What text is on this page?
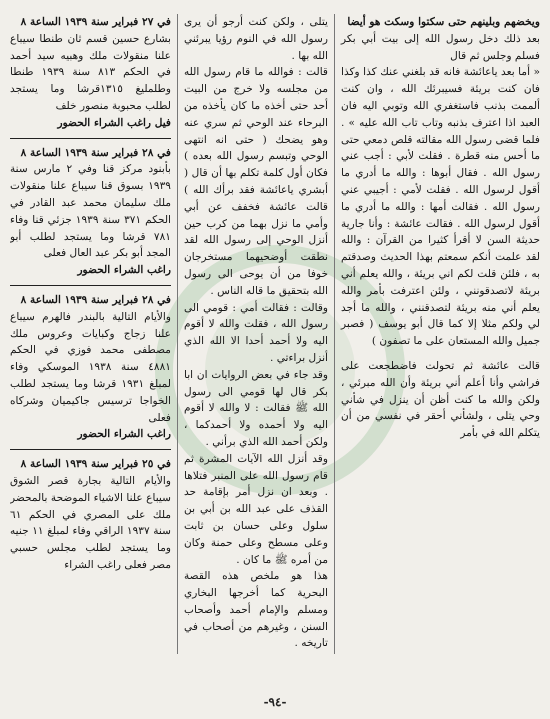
ويخضهم وبلينهم حتى سكتوا وسكت هو أيضا

بعد ذلك دخل رسول الله إلى بيت أبي بكر فسلم وجلس ثم قال

« أما بعد ياعائشة فانه قد بلغني عنك كذا وكذا فان كنت بريئة فسيبرئك الله ، وان كنت ألممت بذنب فاستغفري الله وتوبي اليه فان العبد اذا اعترف بذنبه وتاب تاب الله عليه » . فلما قضى رسول الله مقالته قلص دمعي حتى ما أحس منه قطرة . فقلت لأبي : أجب عني رسول الله . فقال أبوها : والله ما أدري ما أقول لرسول الله . فقلت لأمي : أجيبي عني رسول الله . فقالت أمها : والله ما أدري ما أقول لرسول الله . فقالت عائشة : وأنا جارية حديثة السن لا أقرأ كثيرا من القرآن : والله لقد علمت أنكم سمعتم بهذا الحديث وصدقتم به ، فلئن قلت لكم اني بريئة ، والله يعلم أني بريئة لاتصدقونني ، ولئن اعترفت بأمر والله يعلم أني منه بريئة لتصدقنني ، والله ما أجد لي ولكم مثلا إلا كما قال أبو يوسف ( فصبر جميل والله المستعان على ما تصفون )

قالت عائشة ثم تحولت فاضطجعت على فراشي وأنا أعلم أني بريئة وأن الله مبرئي ، ولكن والله ما كنت أظن أن ينزل في شأني وحي يتلى ، ولشأني أحقر في نفسي من أن يتكلم الله في بأمر

يتلى ، ولكن كنت أرجو أن يرى رسول الله في النوم رؤيا يبرئني الله بها .

قالت : فوالله ما قام رسول الله من مجلسه ولا خرج من البيت أحد حتى أخذه ما كان يأخذه من البرحاء عند الوحي ثم سري عنه وهو يضحك ( حتى انه انتهى الوحي وتبسم رسول الله بعده ) فكان أول كلمة تكلم بها أن قال ( أبشري ياعائشة فقد برأك الله ) قالت عائشة فخفف عن أبي وأمي ما نزل بهما من كرب حين أنزل الوحي إلى رسول الله لقد نطقت أوضحيهما مستخرجان خوفا من أن يوحى الى رسول الله بتحقيق ما قاله الناس .

وقالت : فقالت أمي : قومي الى رسول الله ، فقلت والله لا أقوم اليه ولا أحمد أحدا الا الله الذي أنزل براءتي .

وقد جاء في بعض الروايات ان ابا بكر قال لها قومي الى رسول الله ﷺ فقالت : لا والله لا أقوم اليه ولا أحمده ولا أحمدكما ، ولكن أحمد الله الذي برأني .

وقد أنزل الله الآيات المشرة ثم قام رسول الله على المنبر فتلاها . وبعد ان نزل أمر بإقامة حد القذف على عبد الله بن أبي بن سلول وعلى حسان بن ثابت وعلى مسطح وعلى حمنة وكان من أمره ﷺ ما كان .

هذا هو ملخص هذه القصة البحرية كما أخرجها البخاري ومسلم والإمام أحمد وأصحاب السنن ، وغيرهم من أصحاب في تاريخه .

في ٢٧ فبراير سنة ١٩٣٩ الساعة ٨

بشارع حسين قسم ثان طنطا سيباع علنا منقولات ملك وهبيه سيد أحمد في الحكم ٨١٣ سنة ١٩٣٩ طنطا وطلمليغ ١٣١٥قرشا وما يستجد لطلب محبوبة منصور خلف

فيل راغب الشراء الحضور

في ٢٨ فبراير سنة ١٩٣٩ الساعة ٨

بأبنود مركز قنا وفي ٢ مارس سنة ١٩٣٩ بسوق قنا سيباع علنا منقولات ملك سليمان محمد عبد القادر في الحكم ٣٧١ سنة ١٩٣٩ جزئي قنا وفاء ٧٨١ قرشا وما يستجد لطلب أبو المجد أبو بكر عبد العال فعلى

راغب الشراء الحضور

في ٢٨ فبراير سنة ١٩٣٩ الساعة ٨

والأيام التالية بالبندر فالهرم سيباع علنا زجاج وكبايات وعروس ملك مصطفى محمد فوزي في الحكم ٤٨٨١ سنة ١٩٣٨ الموسكي وفاء لمبلغ ١٩٣١ قرشا وما يستجد لطلب الخواجا ترسيس جاكيميان وشركاه فعلى

راغب الشراء الحضور

في ٢٥ فبراير سنة ١٩٣٩ الساعة ٨

والأيام التالية بجارة قصر الشوق سيباع علنا الاشياء الموضحة بالمحضر ملك على المصري في الحكم ٦١ سنة ١٩٣٧ الراقي وفاء لمبلغ ١١ جنيه وما يستجد لطلب مجلس حسبي مصر فعلى راغب الشراء

-٩٤-
